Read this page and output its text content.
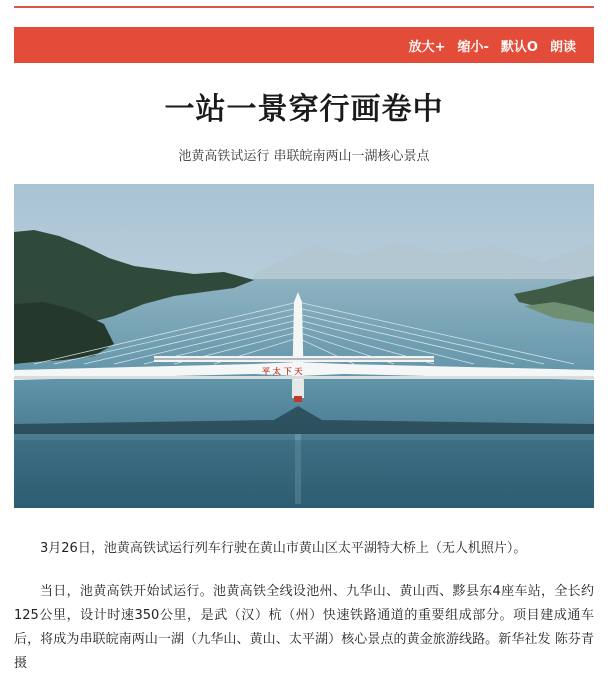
放大+ 缩小- 默认O 朗读
一站一景穿行画卷中
池黄高铁试运行 串联皖南两山一湖核心景点
平 太 下 天
3月26日，池黄高铁试运行列车行驶在黄山市黄山区太平湖特大桥上（无人机照片）。
当日，池黄高铁开始试运行。池黄高铁全线设池州、九华山、黄山西、黟县东4座车站，全长约125公里，设计时速350公里，是武（汉）杭（州）快速铁路通道的重要组成部分。项目建成通车后，将成为串联皖南两山一湖（九华山、黄山、太平湖）核心景点的黄金旅游线路。新华社发 陈芬青 摄
